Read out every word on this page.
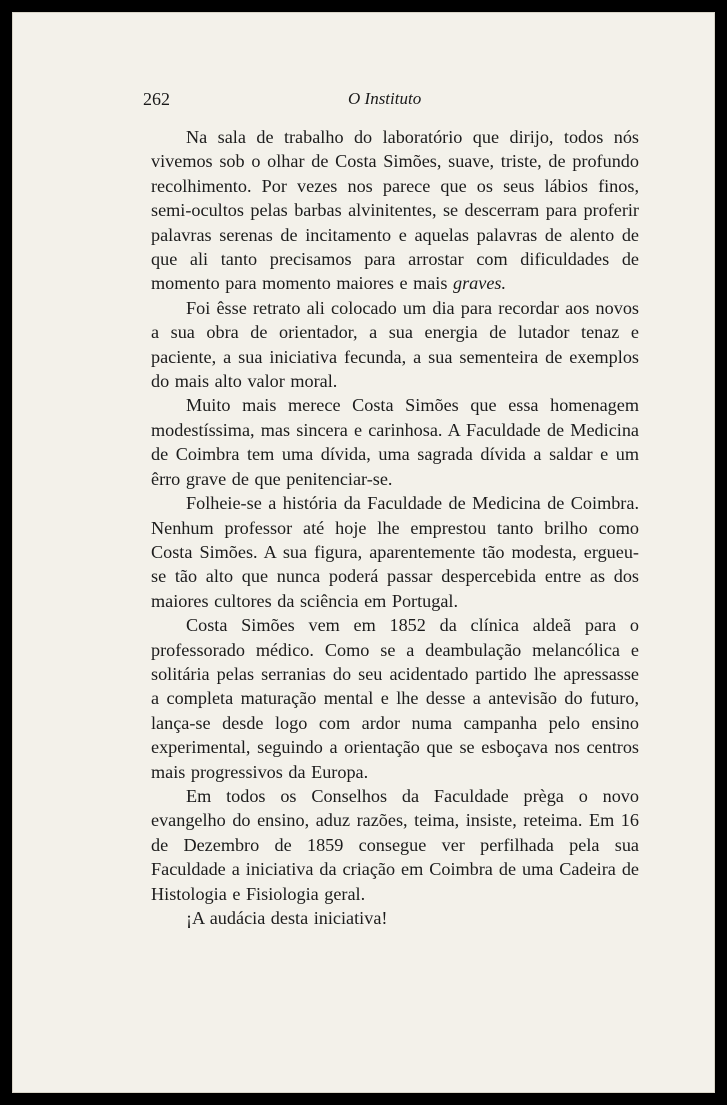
262	O Instituto

Na sala de trabalho do laboratório que dirijo, todos nós vivemos sob o olhar de Costa Simões, suave, triste, de profundo recolhimento. Por vezes nos parece que os seus lábios finos, semi-ocultos pelas barbas alvinitentes, se descerram para proferir palavras serenas de incitamento e aquelas palavras de alento de que ali tanto precisamos para arrostar com dificuldades de momento para momento maiores e mais graves.

Foi êsse retrato ali colocado um dia para recordar aos novos a sua obra de orientador, a sua energia de lutador tenaz e paciente, a sua iniciativa fecunda, a sua sementeira de exemplos do mais alto valor moral.

Muito mais merece Costa Simões que essa homenagem modestíssima, mas sincera e carinhosa. A Faculdade de Medicina de Coimbra tem uma dívida, uma sagrada dívida a saldar e um êrro grave de que penitenciar-se.

Folheie-se a história da Faculdade de Medicina de Coimbra. Nenhum professor até hoje lhe emprestou tanto brilho como Costa Simões. A sua figura, aparentemente tão modesta, ergueu-se tão alto que nunca poderá passar despercebida entre as dos maiores cultores da sciência em Portugal.

Costa Simões vem em 1852 da clínica aldeã para o professorado médico. Como se a deambulação melancólica e solitária pelas serranias do seu acidentado partido lhe apressasse a completa maturação mental e lhe desse a antevisão do futuro, lança-se desde logo com ardor numa campanha pelo ensino experimental, seguindo a orientação que se esboçava nos centros mais progressivos da Europa.

Em todos os Conselhos da Faculdade prèga o novo evangelho do ensino, aduz razões, teima, insiste, reteima. Em 16 de Dezembro de 1859 consegue ver perfilhada pela sua Faculdade a iniciativa da criação em Coimbra de uma Cadeira de Histologia e Fisiologia geral.

¡A audácia desta iniciativa!
